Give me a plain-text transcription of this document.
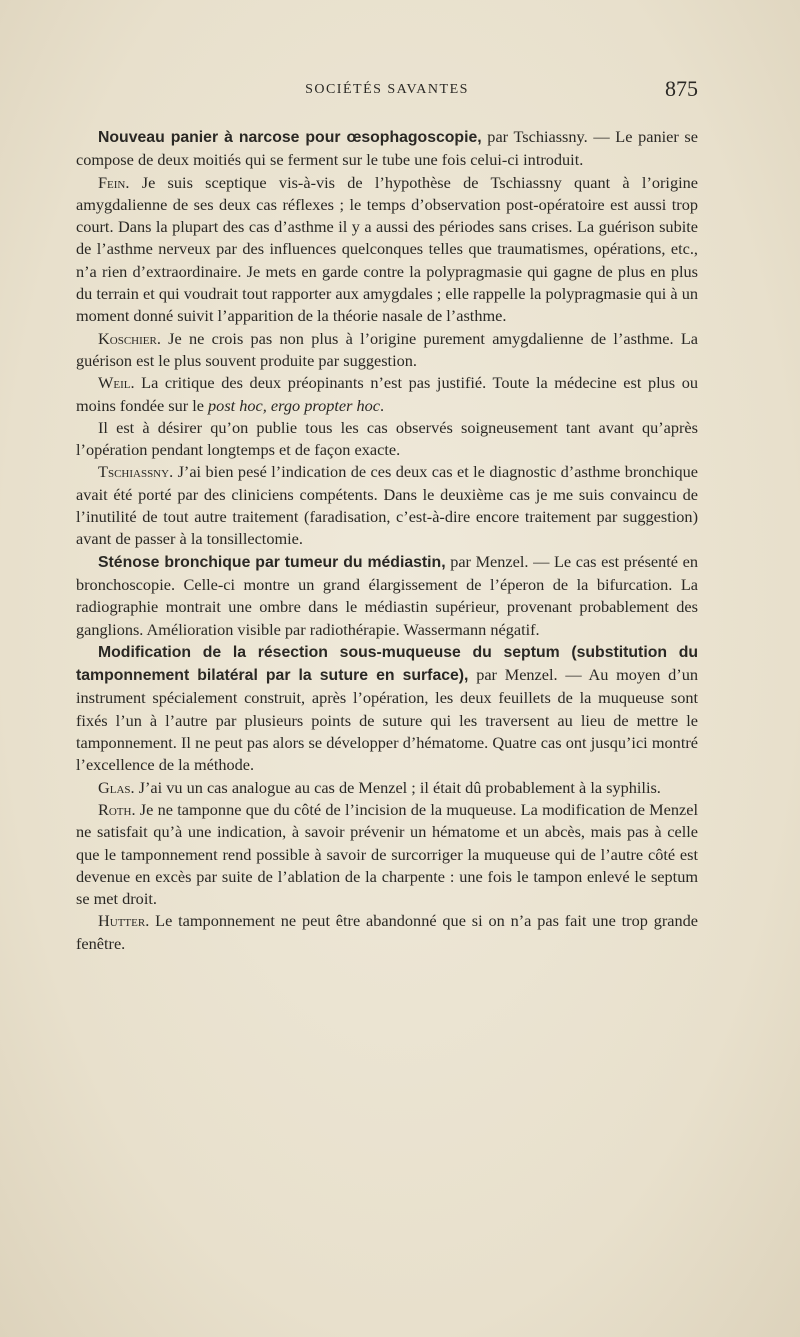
SOCIÉTÉS SAVANTES	875

Nouveau panier à narcose pour œsophagoscopie, par Tschiassny. — Le panier se compose de deux moitiés qui se ferment sur le tube une fois celui-ci introduit.

Fein. Je suis sceptique vis-à-vis de l’hypothèse de Tschiassny quant à l’origine amygdalienne de ses deux cas réflexes ; le temps d’observation post-opératoire est aussi trop court. Dans la plupart des cas d’asthme il y a aussi des périodes sans crises. La guérison subite de l’asthme nerveux par des influences quelconques telles que traumatismes, opérations, etc., n’a rien d’extraordinaire. Je mets en garde contre la polypragmasie qui gagne de plus en plus du terrain et qui voudrait tout rapporter aux amygdales ; elle rappelle la polypragmasie qui à un moment donné suivit l’apparition de la théorie nasale de l’asthme.

Koschier. Je ne crois pas non plus à l’origine purement amygdalienne de l’asthme. La guérison est le plus souvent produite par suggestion.

Weil. La critique des deux préopinants n’est pas justifié. Toute la médecine est plus ou moins fondée sur le post hoc, ergo propter hoc.

Il est à désirer qu’on publie tous les cas observés soigneusement tant avant qu’après l’opération pendant longtemps et de façon exacte.

Tschiassny. J’ai bien pesé l’indication de ces deux cas et le diagnostic d’asthme bronchique avait été porté par des cliniciens compétents. Dans le deuxième cas je me suis convaincu de l’inutilité de tout autre traitement (faradisation, c’est-à-dire encore traitement par suggestion) avant de passer à la tonsillectomie.

Sténose bronchique par tumeur du médiastin, par Menzel. — Le cas est présenté en bronchoscopie. Celle-ci montre un grand élargissement de l’éperon de la bifurcation. La radiographie montrait une ombre dans le médiastin supérieur, provenant probablement des ganglions. Amélioration visible par radiothérapie. Wassermann négatif.

Modification de la résection sous-muqueuse du septum (substitution du tamponnement bilatéral par la suture en surface), par Menzel. — Au moyen d’un instrument spécialement construit, après l’opération, les deux feuillets de la muqueuse sont fixés l’un à l’autre par plusieurs points de suture qui les traversent au lieu de mettre le tamponnement. Il ne peut pas alors se développer d’hématome. Quatre cas ont jusqu’ici montré l’excellence de la méthode.

Glas. J’ai vu un cas analogue au cas de Menzel ; il était dû probablement à la syphilis.

Roth. Je ne tamponne que du côté de l’incision de la muqueuse. La modification de Menzel ne satisfait qu’à une indication, à savoir prévenir un hématome et un abcès, mais pas à celle que le tamponnement rend possible à savoir de surcorriger la muqueuse qui de l’autre côté est devenue en excès par suite de l’ablation de la charpente : une fois le tampon enlevé le septum se met droit.

Hutter. Le tamponnement ne peut être abandonné que si on n’a pas fait une trop grande fenêtre.
